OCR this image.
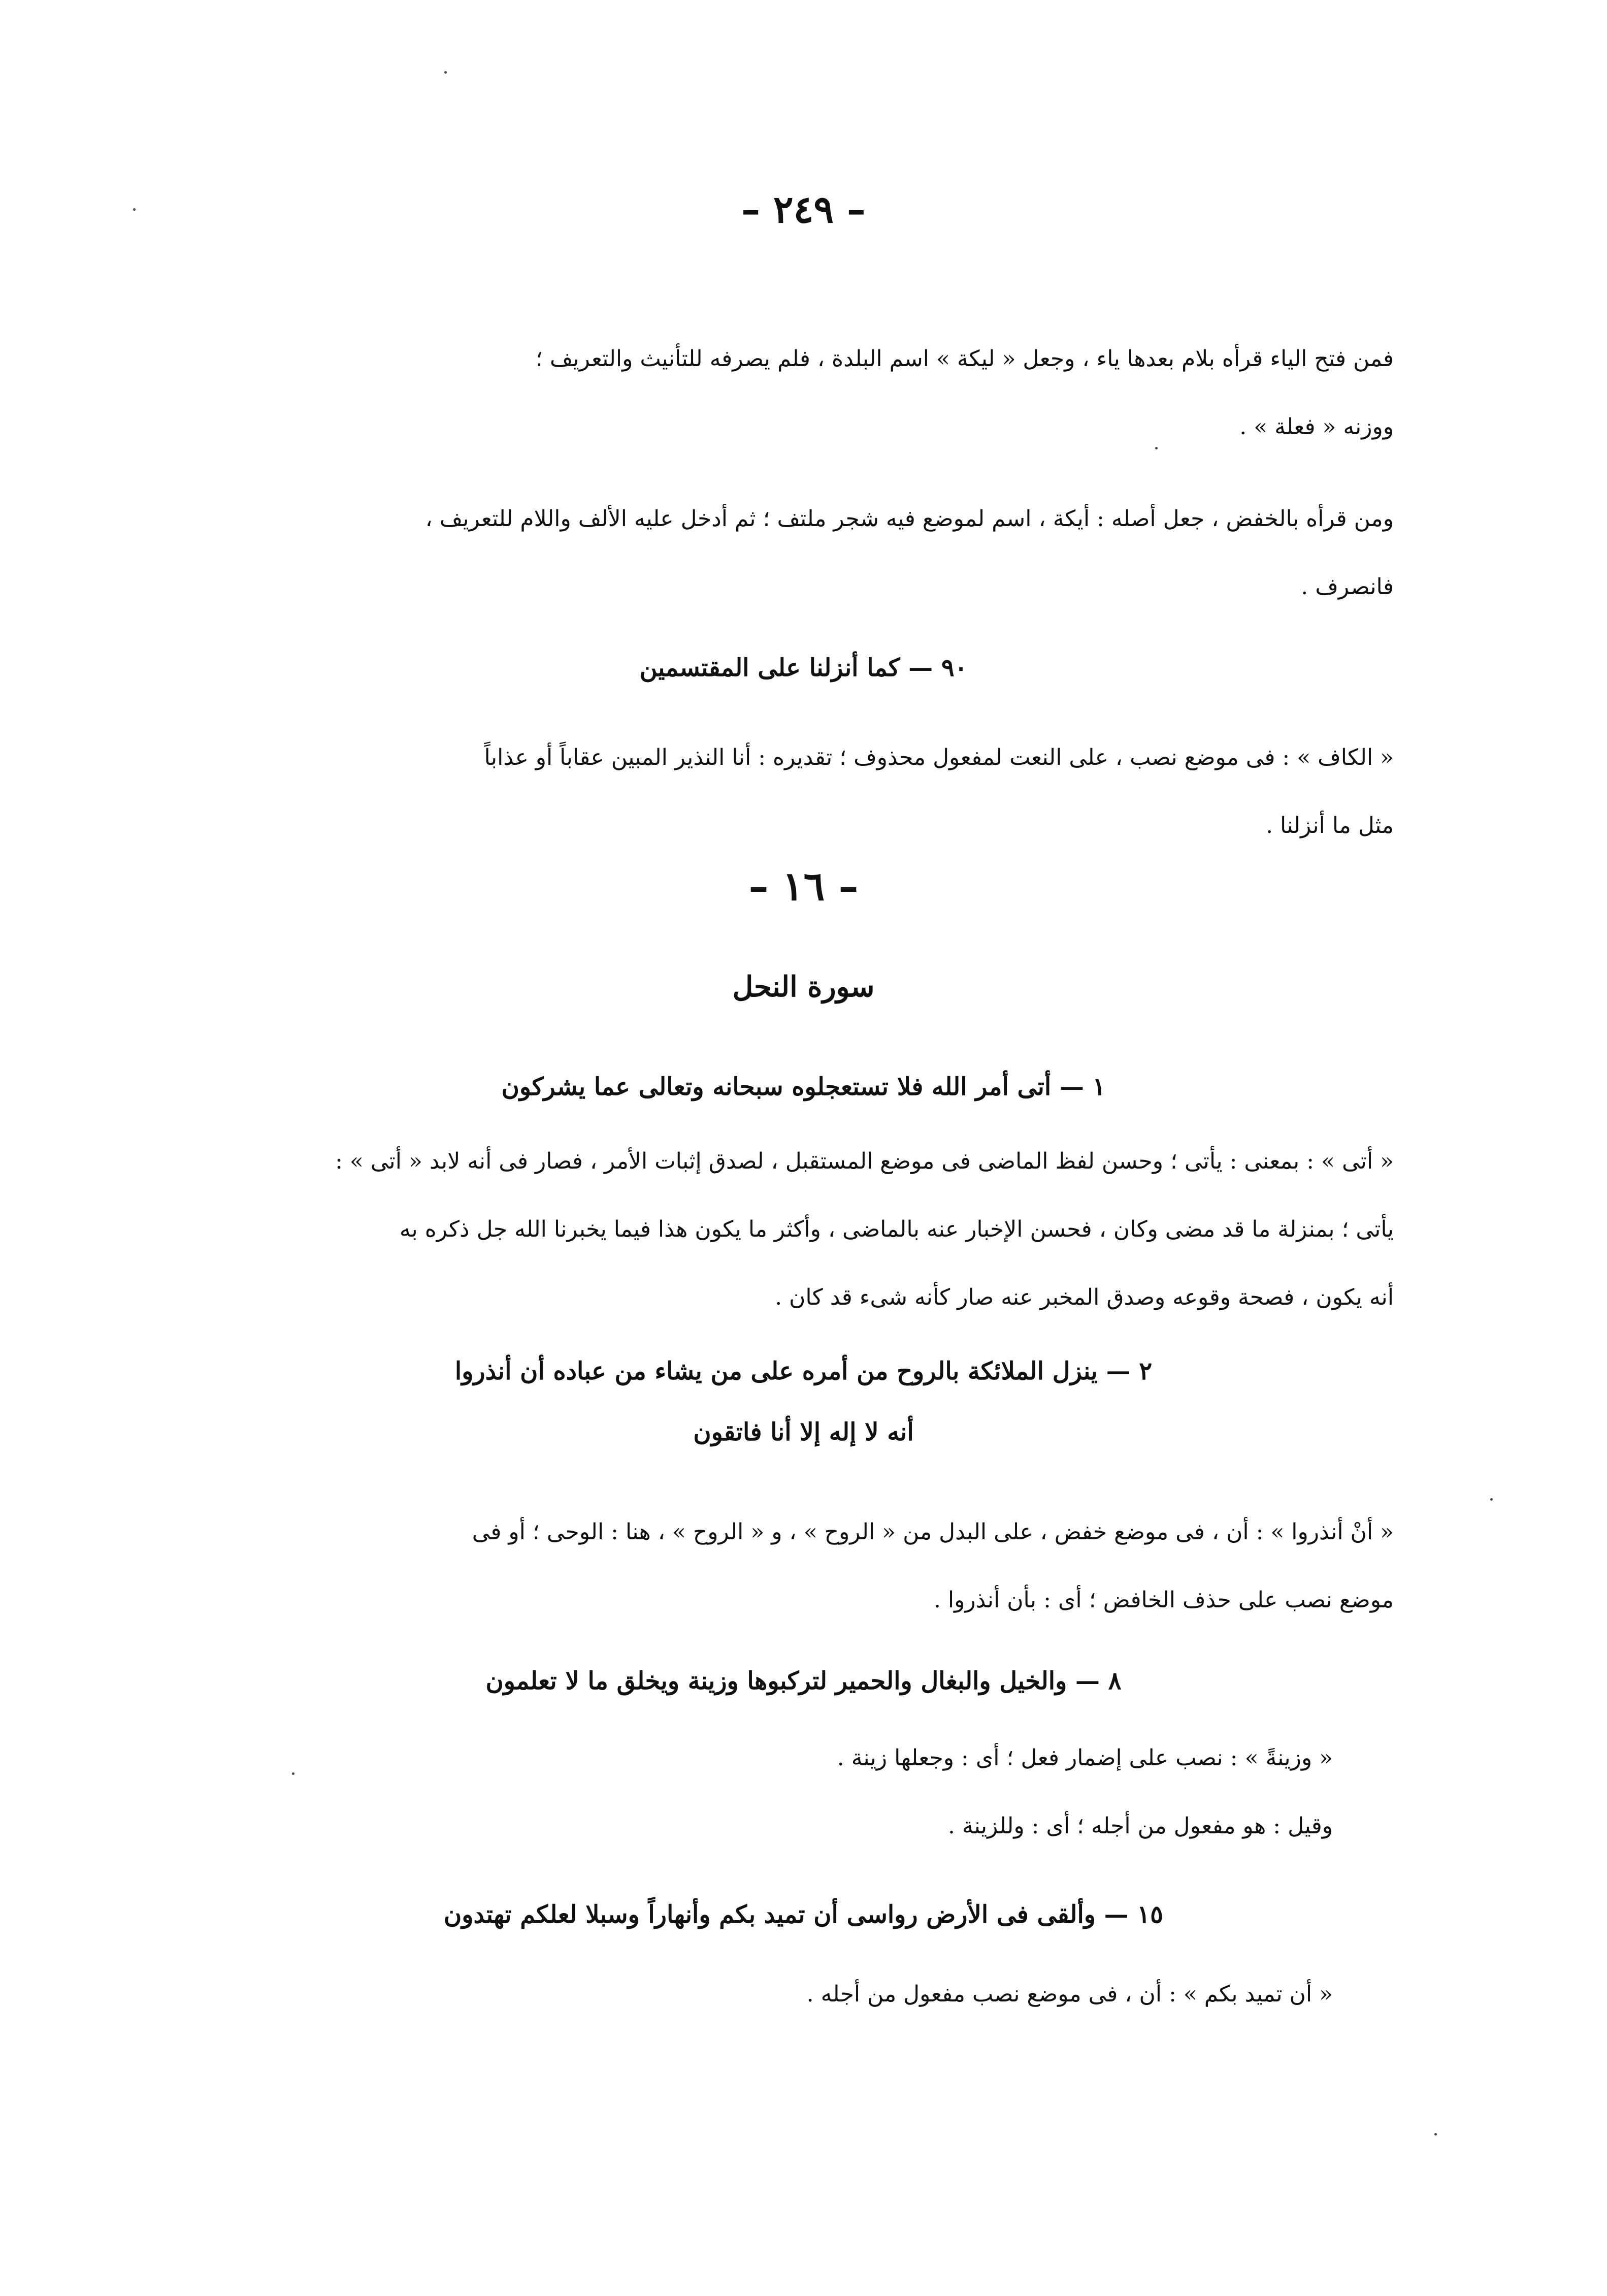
– ٢٤٩ –
فمن فتح الياء قرأه بلام بعدها ياء ، وجعل « ليكة » اسم البلدة ، فلم يصرفه للتأنيث والتعريف ؛
ووزنه « فعلة » .
ومن قرأه بالخفض ، جعل أصله : أيكة ، اسم لموضع فيه شجر ملتف ؛ ثم أدخل عليه الألف واللام للتعريف ،
فانصرف .
٩٠ — كما أنزلنا على المقتسمين
« الكاف » : فى موضع نصب ، على النعت لمفعول محذوف ؛ تقديره : أنا النذير المبين عقاباً أو عذاباً
مثل ما أنزلنا .
– ١٦ –
سورة النحل
١ — أتى أمر الله فلا تستعجلوه سبحانه وتعالى عما يشركون
« أتى » : بمعنى : يأتى ؛ وحسن لفظ الماضى فى موضع المستقبل ، لصدق إثبات الأمر ، فصار فى أنه لابد « أتى » :
يأتى ؛ بمنزلة ما قد مضى وكان ، فحسن الإخبار عنه بالماضى ، وأكثر ما يكون هذا فيما يخبرنا الله جل ذكره به
أنه يكون ، فصحة وقوعه وصدق المخبر عنه صار كأنه شىء قد كان .
٢ — ينزل الملائكة بالروح من أمره على من يشاء من عباده أن أنذروا
أنه لا إله إلا أنا فاتقون
« أنْ أنذروا » : أن ، فى موضع خفض ، على البدل من « الروح » ، و « الروح » ، هنا : الوحى ؛ أو فى
موضع نصب على حذف الخافض ؛ أى : بأن أنذروا .
٨ — والخيل والبغال والحمير لتركبوها وزينة ويخلق ما لا تعلمون
« وزينةً » : نصب على إضمار فعل ؛ أى : وجعلها زينة .
وقيل : هو مفعول من أجله ؛ أى : وللزينة .
١٥ — وألقى فى الأرض رواسى أن تميد بكم وأنهاراً وسبلا لعلكم تهتدون
« أن تميد بكم » : أن ، فى موضع نصب مفعول من أجله .
